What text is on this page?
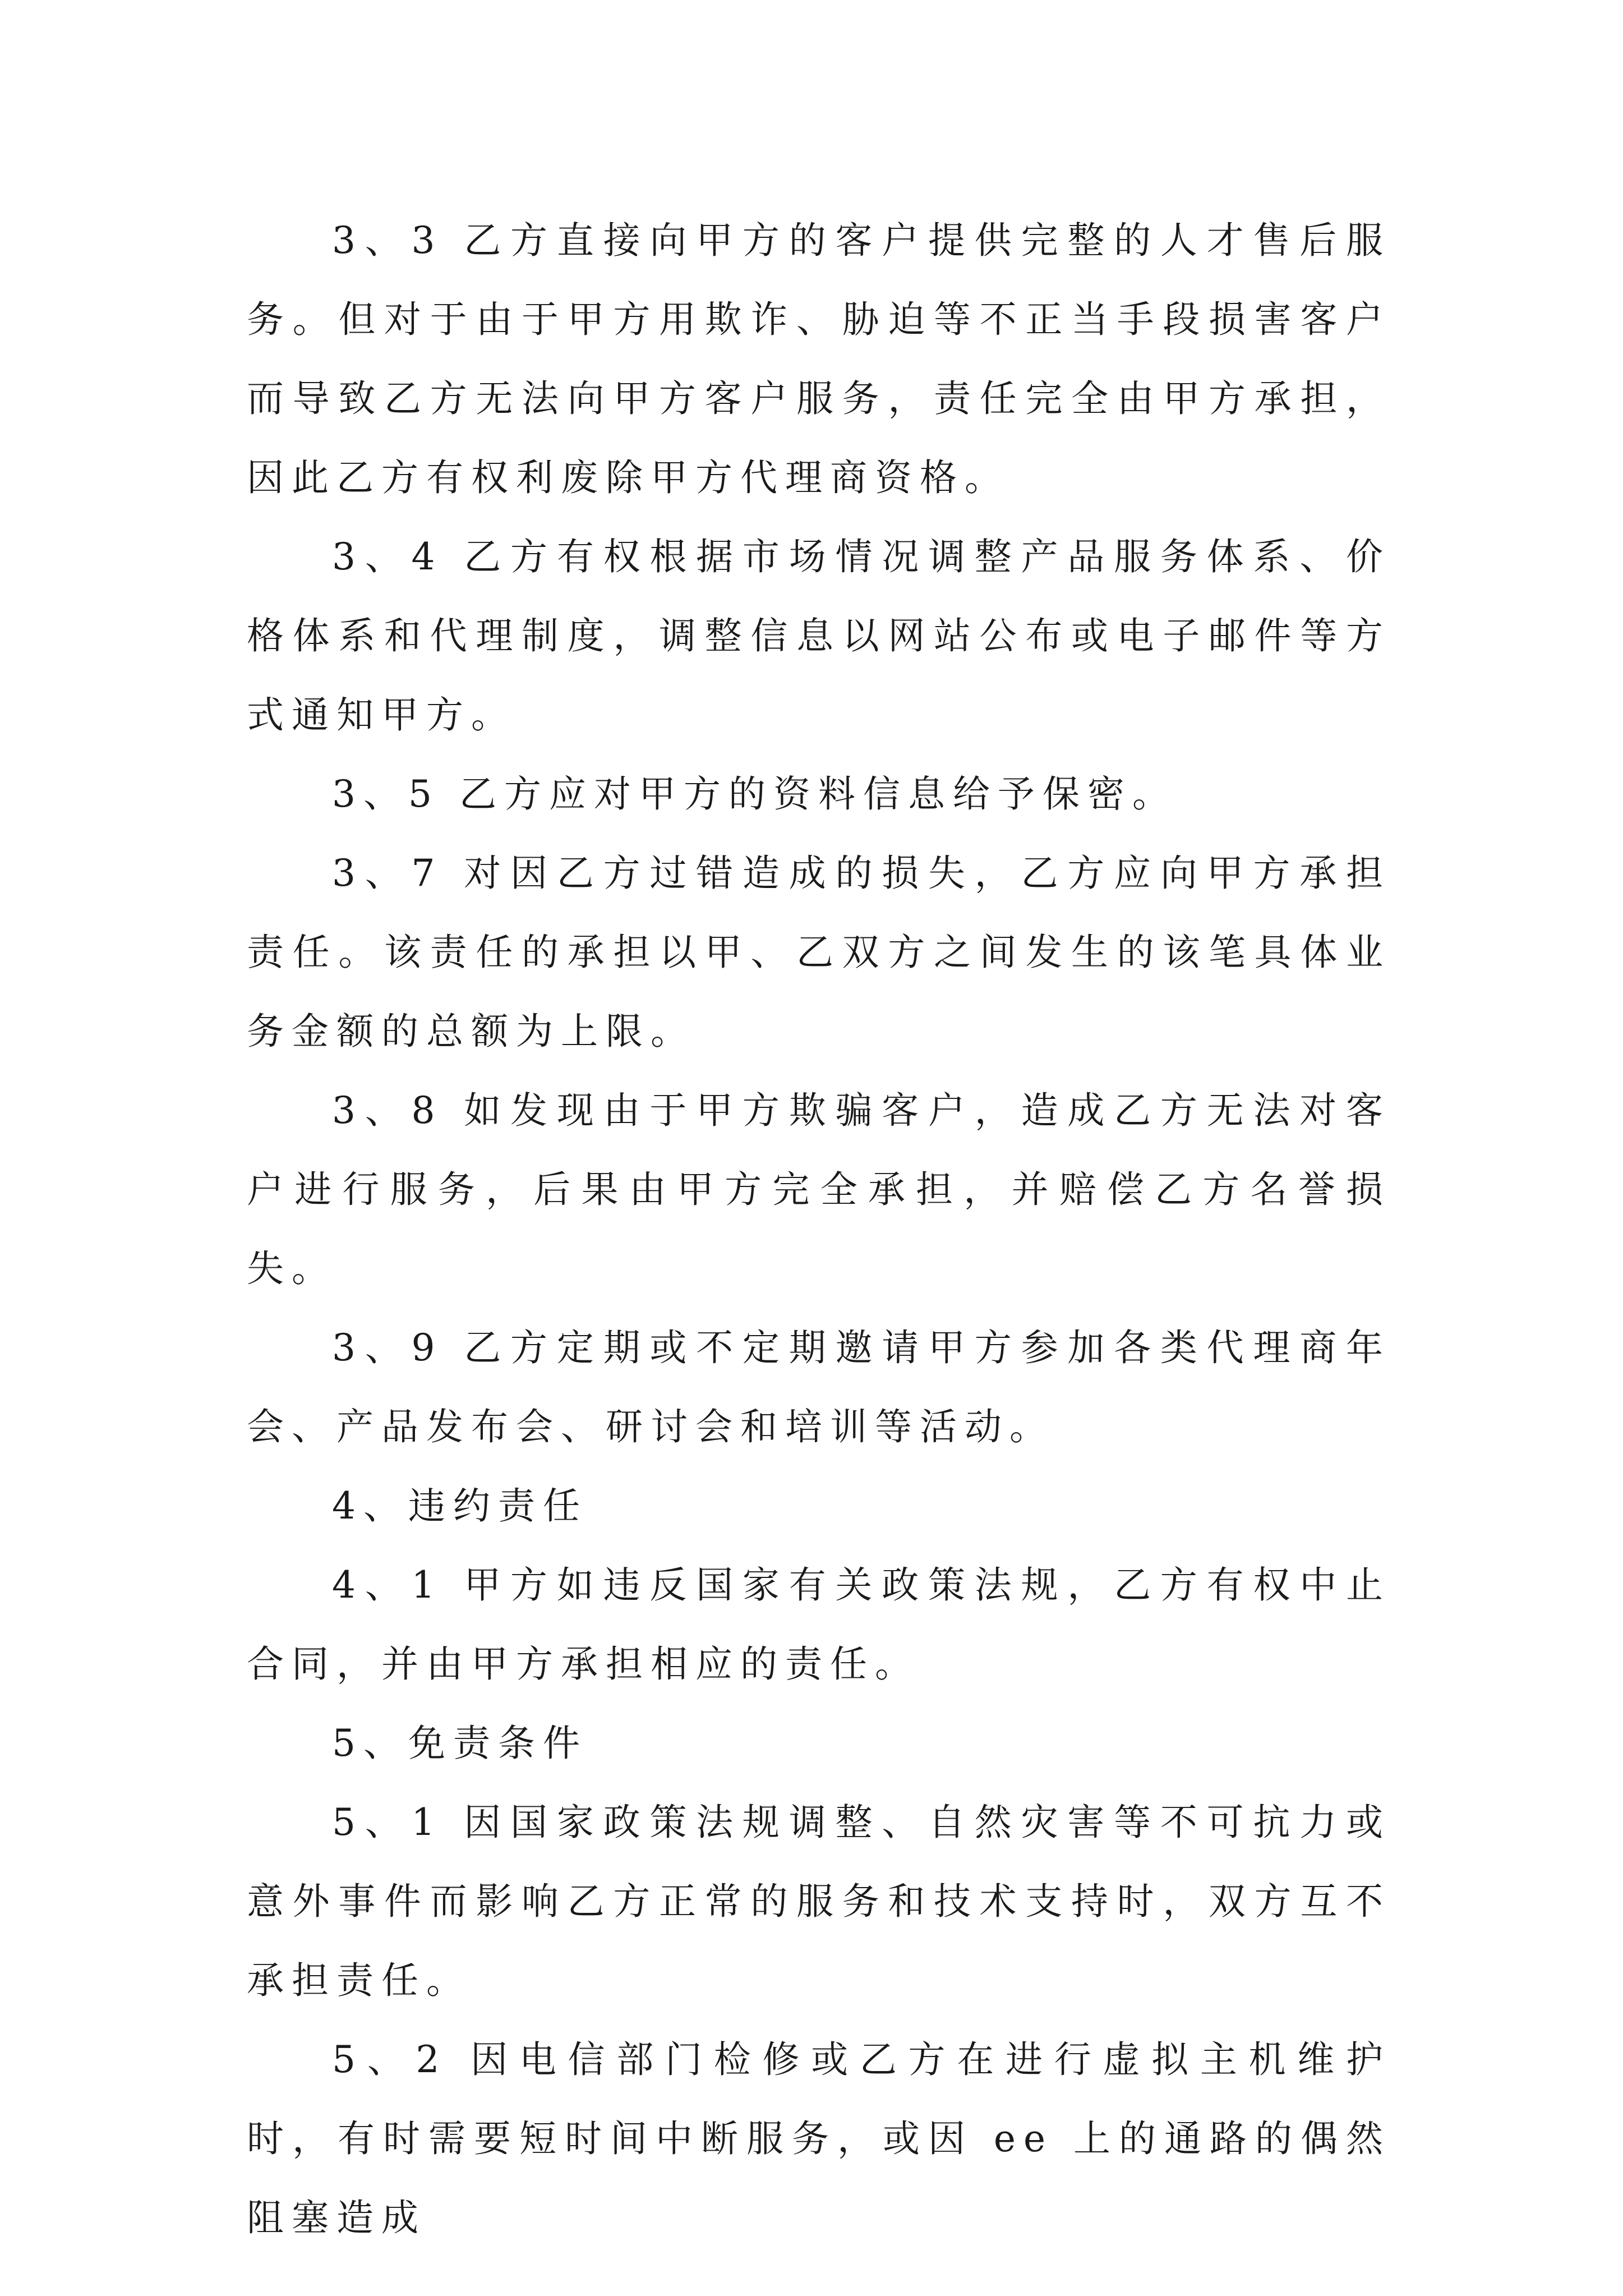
3、3 乙方直接向甲方的客户提供完整的人才售后服务。但对于由于甲方用欺诈、胁迫等不正当手段损害客户而导致乙方无法向甲方客户服务，责任完全由甲方承担，因此乙方有权利废除甲方代理商资格。

3、4 乙方有权根据市场情况调整产品服务体系、价格体系和代理制度，调整信息以网站公布或电子邮件等方式通知甲方。

3、5 乙方应对甲方的资料信息给予保密。

3、7 对因乙方过错造成的损失，乙方应向甲方承担责任。该责任的承担以甲、乙双方之间发生的该笔具体业务金额的总额为上限。

3、8 如发现由于甲方欺骗客户，造成乙方无法对客户进行服务，后果由甲方完全承担，并赔偿乙方名誉损失。

3、9 乙方定期或不定期邀请甲方参加各类代理商年会、产品发布会、研讨会和培训等活动。

4、违约责任

4、1 甲方如违反国家有关政策法规，乙方有权中止合同，并由甲方承担相应的责任。

5、免责条件

5、1 因国家政策法规调整、自然灾害等不可抗力或意外事件而影响乙方正常的服务和技术支持时，双方互不承担责任。

5、2 因电信部门检修或乙方在进行虚拟主机维护时，有时需要短时间中断服务，或因 ee 上的通路的偶然阻塞造成
